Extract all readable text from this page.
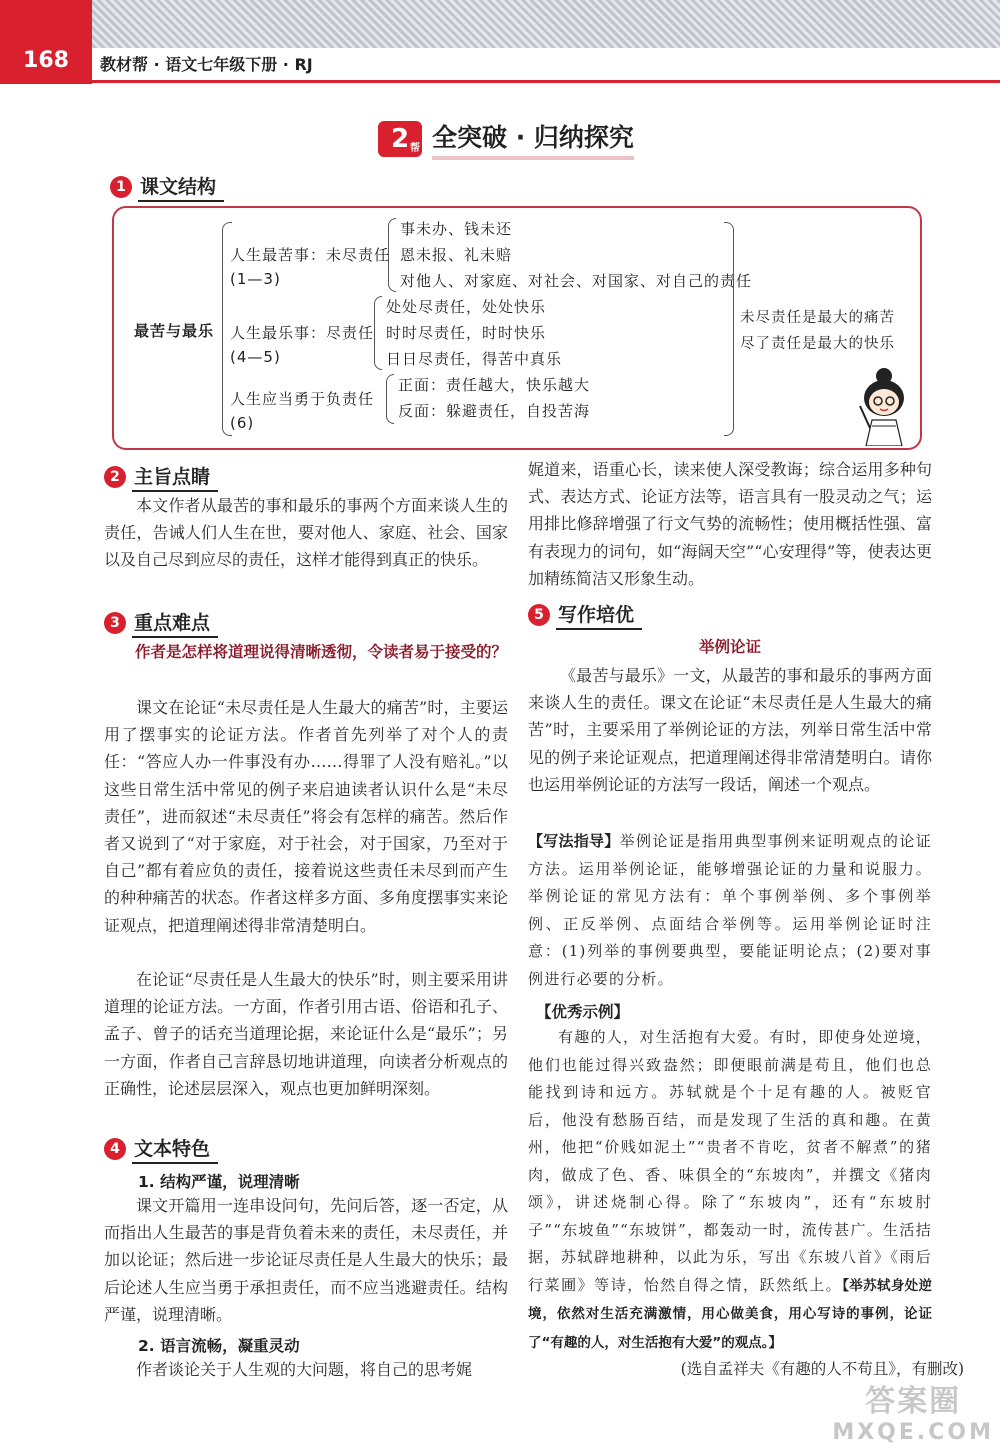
168	教材帮 · 语文七年级下册 · RJ
2 帮 全突破 · 归纳探究
1 课文结构
最苦与最乐
人生最苦事：未尽责任
(1—3)
事未办、钱未还
恩未报、礼未赔
对他人、对家庭、对社会、对国家、对自己的责任
人生最乐事：尽责任
(4—5)
处处尽责任，处处快乐
时时尽责任，时时快乐
日日尽责任，得苦中真乐
人生应当勇于负责任
(6)
正面：责任越大，快乐越大
反面：躲避责任，自投苦海
未尽责任是最大的痛苦
尽了责任是最大的快乐
2 主旨点睛
本文作者从最苦的事和最乐的事两个方面来谈人生的责任，告诫人们人生在世，要对他人、家庭、社会、国家以及自己尽到应尽的责任，这样才能得到真正的快乐。
3 重点难点
作者是怎样将道理说得清晰透彻，令读者易于接受的？
课文在论证“未尽责任是人生最大的痛苦”时，主要运用了摆事实的论证方法。作者首先列举了对个人的责任：“答应人办一件事没有办……得罪了人没有赔礼。”以这些日常生活中常见的例子来启迪读者认识什么是“未尽责任”，进而叙述“未尽责任”将会有怎样的痛苦。然后作者又说到了“对于家庭，对于社会，对于国家，乃至对于自己”都有着应负的责任，接着说这些责任未尽到而产生的种种痛苦的状态。作者这样多方面、多角度摆事实来论证观点，把道理阐述得非常清楚明白。
在论证“尽责任是人生最大的快乐”时，则主要采用讲道理的论证方法。一方面，作者引用古语、俗语和孔子、孟子、曾子的话充当道理论据，来论证什么是“最乐”；另一方面，作者自己言辞恳切地讲道理，向读者分析观点的正确性，论述层层深入，观点也更加鲜明深刻。
4 文本特色
1. 结构严谨，说理清晰
课文开篇用一连串设问句，先问后答，逐一否定，从而指出人生最苦的事是背负着未来的责任，未尽责任，并加以论证；然后进一步论证尽责任是人生最大的快乐；最后论述人生应当勇于承担责任，而不应当逃避责任。结构严谨，说理清晰。
2. 语言流畅，凝重灵动
作者谈论关于人生观的大问题，将自己的思考娓
娓道来，语重心长，读来使人深受教诲；综合运用多种句式、表达方式、论证方法等，语言具有一股灵动之气；运用排比修辞增强了行文气势的流畅性；使用概括性强、富有表现力的词句，如“海阔天空”“心安理得”等，使表达更加精练简洁又形象生动。
5 写作培优
举例论证
《最苦与最乐》一文，从最苦的事和最乐的事两方面来谈人生的责任。课文在论证“未尽责任是人生最大的痛苦”时，主要采用了举例论证的方法，列举日常生活中常见的例子来论证观点，把道理阐述得非常清楚明白。请你也运用举例论证的方法写一段话，阐述一个观点。
【写法指导】举例论证是指用典型事例来证明观点的论证方法。运用举例论证，能够增强论证的力量和说服力。举例论证的常见方法有：单个事例举例、多个事例举例、正反举例、点面结合举例等。运用举例论证时注意：(1)列举的事例要典型，要能证明论点；(2)要对事例进行必要的分析。
【优秀示例】
有趣的人，对生活抱有大爱。有时，即使身处逆境，他们也能过得兴致盎然；即便眼前满是苟且，他们也总能找到诗和远方。苏轼就是个十足有趣的人。被贬官后，他没有愁肠百结，而是发现了生活的真和趣。在黄州，他把“价贱如泥土”“贵者不肯吃，贫者不解煮”的猪肉，做成了色、香、味俱全的“东坡肉”，并撰文《猪肉颂》，讲述烧制心得。除了“东坡肉”，还有“东坡肘子”“东坡鱼”“东坡饼”，都轰动一时，流传甚广。生活拮据，苏轼辟地耕种，以此为乐，写出《东坡八首》《雨后行菜圃》等诗，怡然自得之情，跃然纸上。【举苏轼身处逆境，依然对生活充满激情，用心做美食，用心写诗的事例，论证了“有趣的人，对生活抱有大爱”的观点。】
(选自孟祥夫《有趣的人不苟且》，有删改)
答案圈
MXQE.COM
